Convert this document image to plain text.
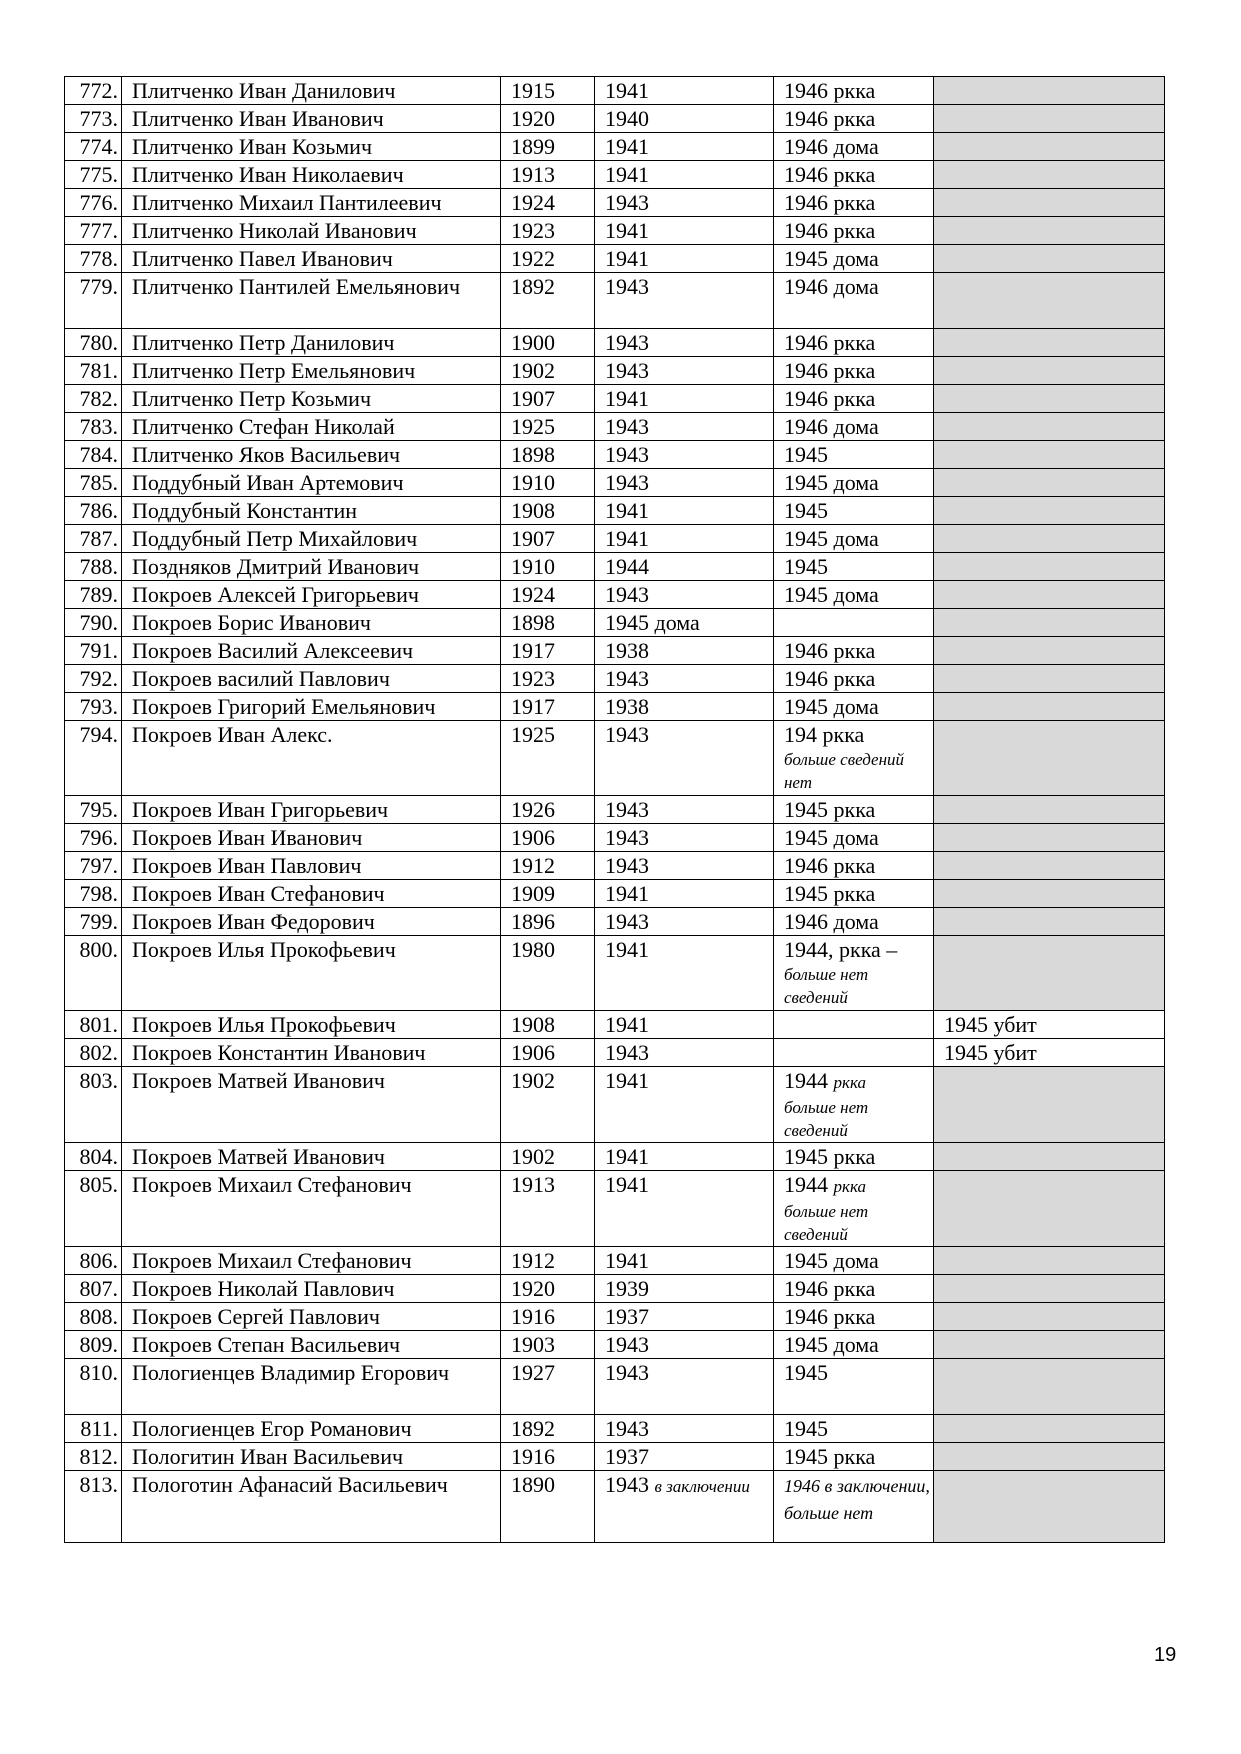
772.	Плитченко Иван Данилович	1915	1941	1946 ркка	
773.	Плитченко Иван Иванович	1920	1940	1946 ркка	
774.	Плитченко Иван Козьмич	1899	1941	1946 дома	
775.	Плитченко Иван Николаевич	1913	1941	1946 ркка	
776.	Плитченко Михаил Пантилеевич	1924	1943	1946 ркка	
777.	Плитченко Николай Иванович	1923	1941	1946 ркка	
778.	Плитченко Павел Иванович	1922	1941	1945 дома	
779.	Плитченко Пантилей Емельянович	1892	1943	1946 дома	
780.	Плитченко Петр Данилович	1900	1943	1946 ркка	
781.	Плитченко Петр Емельянович	1902	1943	1946 ркка	
782.	Плитченко Петр Козьмич	1907	1941	1946 ркка	
783.	Плитченко Стефан Николай	1925	1943	1946 дома	
784.	Плитченко Яков Васильевич	1898	1943	1945	
785.	Поддубный Иван Артемович	1910	1943	1945 дома	
786.	Поддубный Константин	1908	1941	1945	
787.	Поддубный Петр Михайлович	1907	1941	1945 дома	
788.	Поздняков Дмитрий Иванович	1910	1944	1945	
789.	Покроев Алексей Григорьевич	1924	1943	1945 дома	
790.	Покроев Борис Иванович	1898	1945 дома		
791.	Покроев Василий Алексеевич	1917	1938	1946 ркка	
792.	Покроев василий Павлович	1923	1943	1946 ркка	
793.	Покроев Григорий Емельянович	1917	1938	1945 дома	
794.	Покроев Иван Алекс.	1925	1943	194 ркка
больше сведений нет	

795.	Покроев Иван Григорьевич	1926	1943	1945 ркка	
796.	Покроев Иван Иванович	1906	1943	1945 дома	
797.	Покроев Иван Павлович	1912	1943	1946 ркка	
798.	Покроев Иван Стефанович	1909	1941	1945 ркка	
799.	Покроев Иван Федорович	1896	1943	1946 дома	
800.	Покроев Илья Прокофьевич	1980	1941	1944, ркка –
больше нет сведений	

801.	Покроев Илья Прокофьевич	1908	1941		1945 убит
802.	Покроев Константин Иванович	1906	1943		1945 убит
803.	Покроев Матвей Иванович	1902	1941	1944 ркка
больше нет сведений	

804.	Покроев Матвей Иванович	1902	1941	1945 ркка	
805.	Покроев Михаил Стефанович	1913	1941	1944 ркка
больше нет сведений	

806.	Покроев Михаил Стефанович	1912	1941	1945 дома	
807.	Покроев Николай Павлович	1920	1939	1946 ркка	
808.	Покроев Сергей Павлович	1916	1937	1946 ркка	
809.	Покроев Степан Васильевич	1903	1943	1945 дома	
810.	Пологиенцев Владимир Егорович	1927	1943	1945	
811.	Пологиенцев Егор Романович	1892	1943	1945	
812.	Пологитин Иван Васильевич	1916	1937	1945 ркка	
813.	Пологотин Афанасий Васильевич	1890	1943 в заключении	1946 в заключении, больше нет	
19
